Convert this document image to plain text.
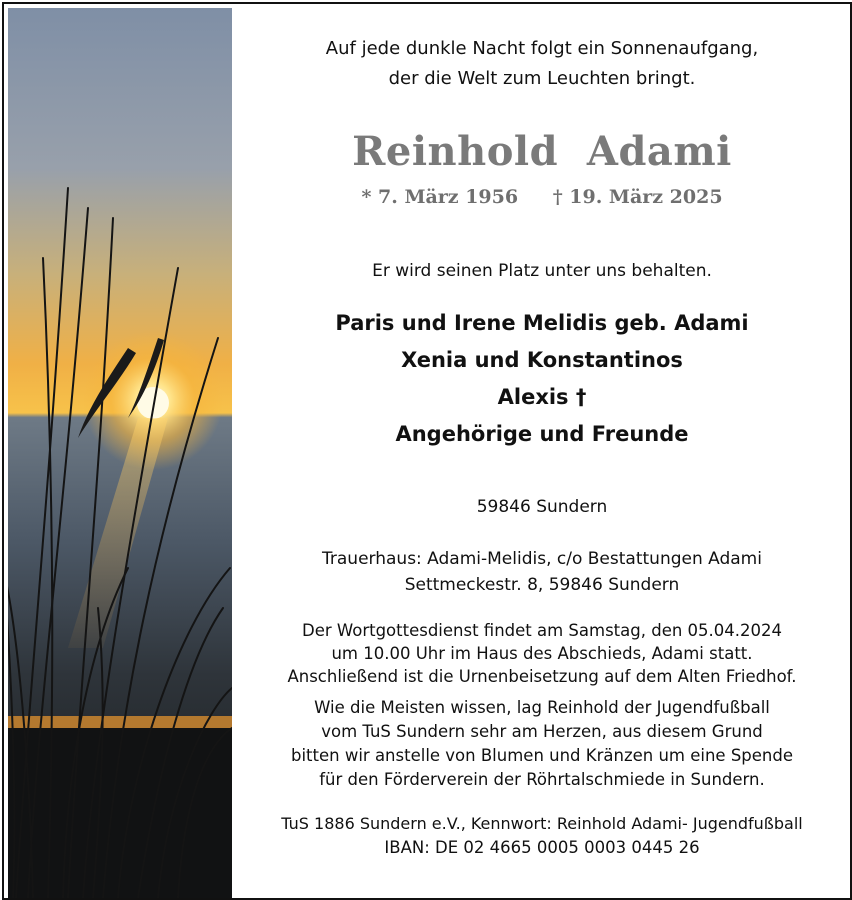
Auf jede dunkle Nacht folgt ein Sonnenaufgang,
der die Welt zum Leuchten bringt.
Reinhold  Adami
* 7. März 1956 † 19. März 2025
Er wird seinen Platz unter uns behalten.
Paris und Irene Melidis geb. Adami
Xenia und Konstantinos
Alexis †
Angehörige und Freunde
59846 Sundern
Trauerhaus: Adami-Melidis, c/o Bestattungen Adami
Settmeckestr. 8, 59846 Sundern
Der Wortgottesdienst findet am Samstag, den 05.04.2024
um 10.00 Uhr im Haus des Abschieds, Adami statt.
Anschließend ist die Urnenbeisetzung auf dem Alten Friedhof.
Wie die Meisten wissen, lag Reinhold der Jugendfußball
vom TuS Sundern sehr am Herzen, aus diesem Grund
bitten wir anstelle von Blumen und Kränzen um eine Spende
für den Förderverein der Röhrtalschmiede in Sundern.
TuS 1886 Sundern e.V., Kennwort: Reinhold Adami- Jugendfußball
IBAN: DE 02 4665 0005 0003 0445 26
